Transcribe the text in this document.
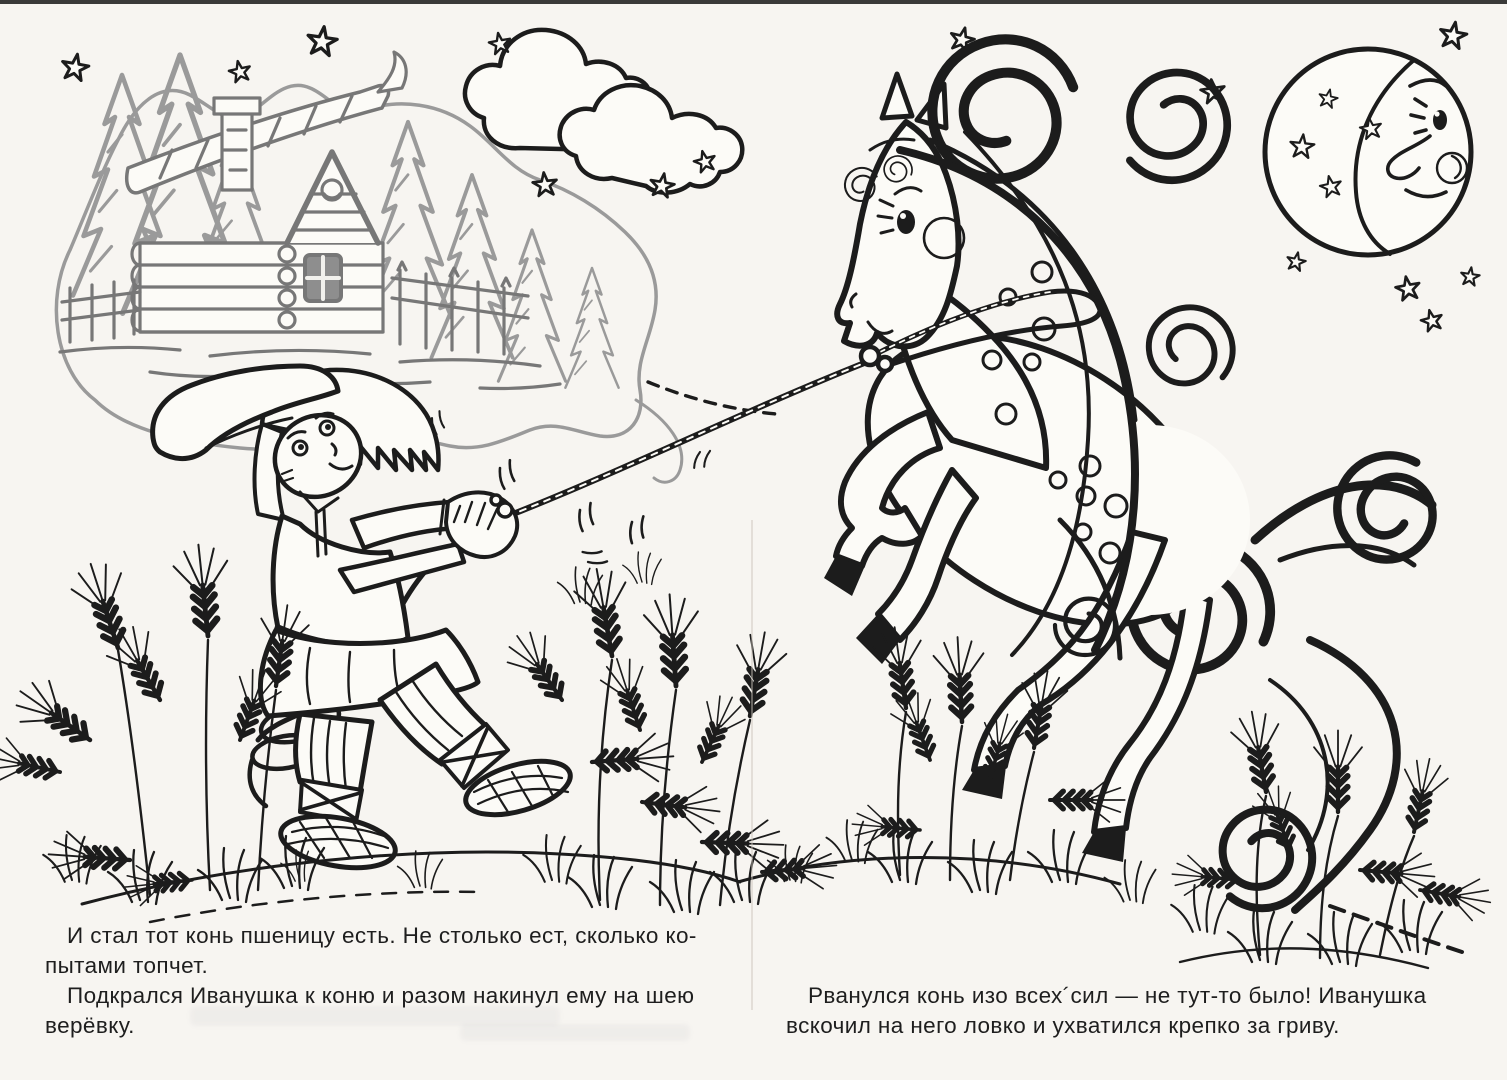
И стал тот конь пшеницу есть. Не столько ест, сколько ко-
пытами топчет.
Подкрался Иванушка к коню и разом накинул ему на шею
верёвку.
Рванулся конь изо всех´сил — не тут-то было! Иванушка
вскочил на него ловко и ухватился крепко за гриву.
